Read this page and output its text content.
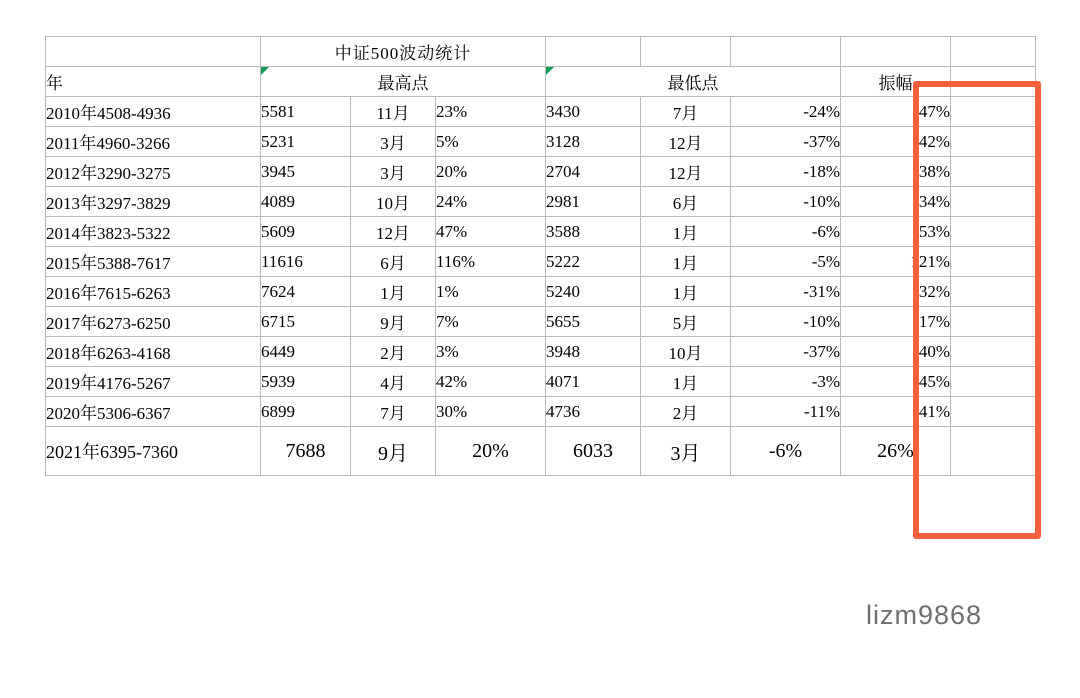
	中证500波动统计							
年	最高点			最低点			振幅	
2010年4508-4936	5581	11月	23%	3430	7月	-24%	47%	
2011年4960-3266	5231	3月	5%	3128	12月	-37%	42%	
2012年3290-3275	3945	3月	20%	2704	12月	-18%	38%	
2013年3297-3829	4089	10月	24%	2981	6月	-10%	34%	
2014年3823-5322	5609	12月	47%	3588	1月	-6%	53%	
2015年5388-7617	11616	6月	116%	5222	1月	-5%	121%	
2016年7615-6263	7624	1月	1%	5240	1月	-31%	32%	
2017年6273-6250	6715	9月	7%	5655	5月	-10%	17%	
2018年6263-4168	6449	2月	3%	3948	10月	-37%	40%	
2019年4176-5267	5939	4月	42%	4071	1月	-3%	45%	
2020年5306-6367	6899	7月	30%	4736	2月	-11%	41%	
2021年6395-7360	7688	9月	20%	6033	3月	-6%	26%	
lizm9868
